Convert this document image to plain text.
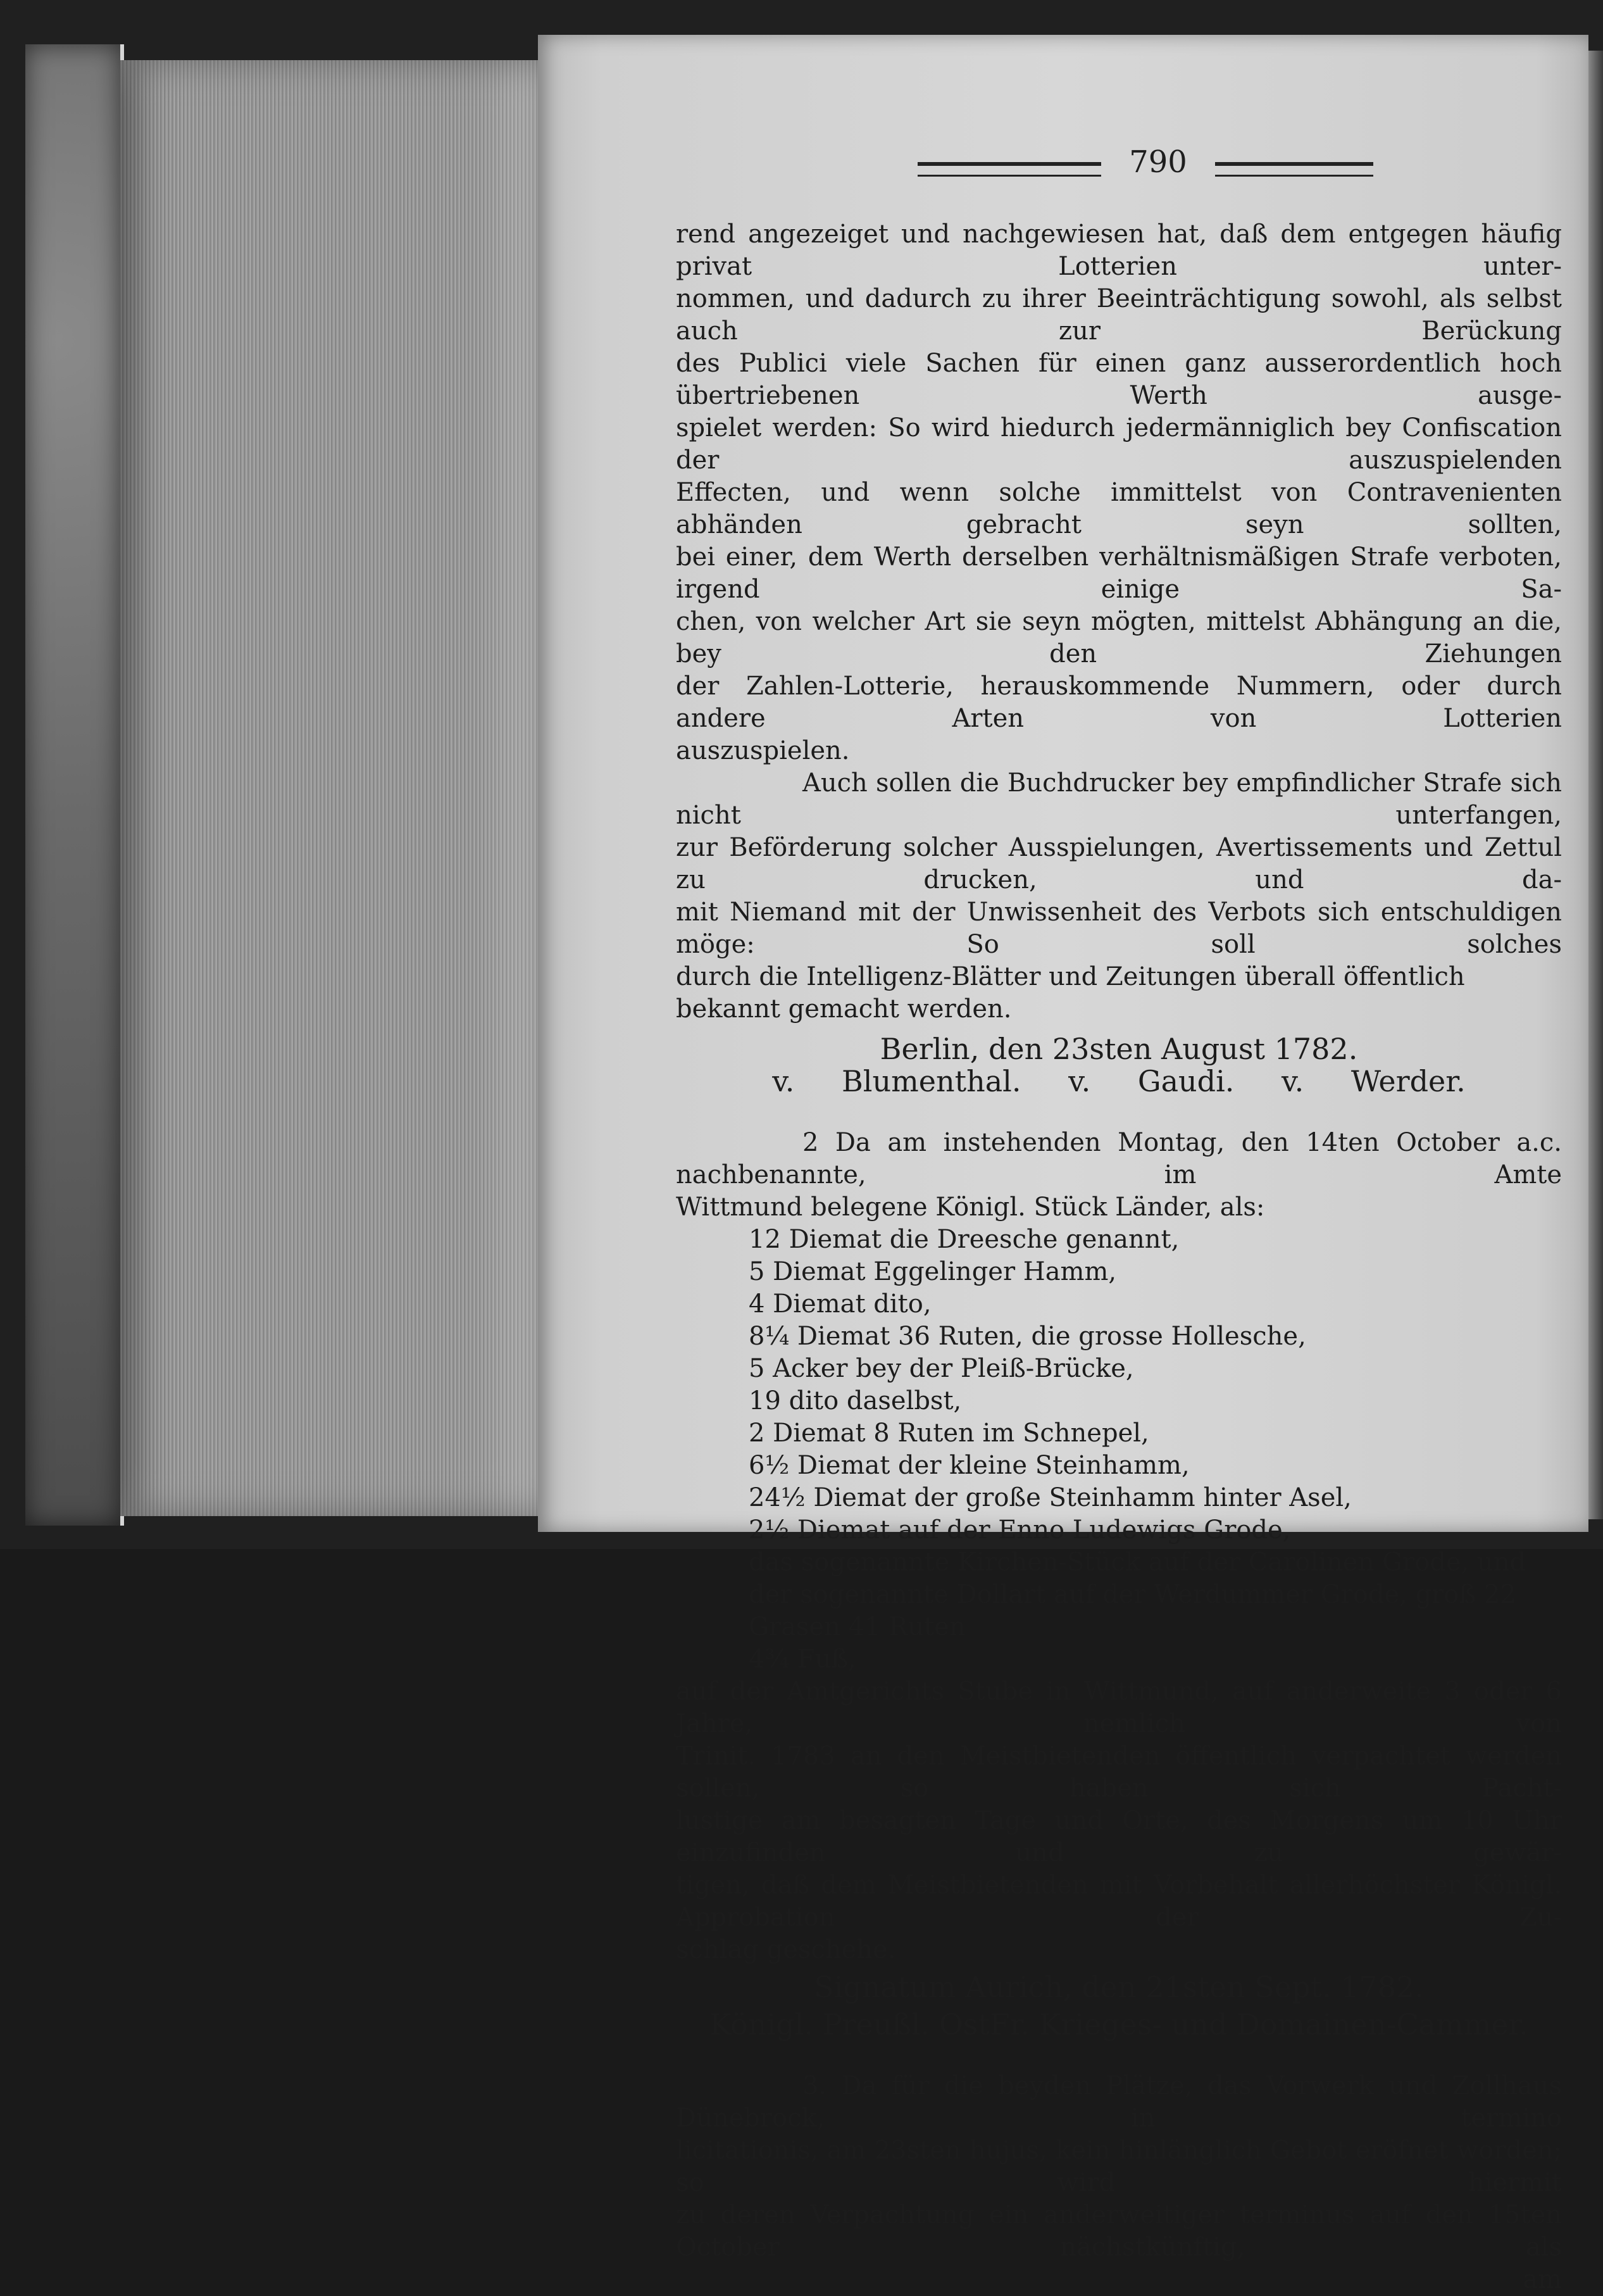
790

rend angezeiget und nachgewiesen hat, daß dem entgegen häufig privat Lotterien unter-

nommen, und dadurch zu ihrer Beeinträchtigung sowohl, als selbst auch zur Berückung

des Publici viele Sachen für einen ganz ausserordentlich hoch übertriebenen Werth ausge-

spielet werden: So wird hiedurch jedermänniglich bey Confiscation der auszuspielenden

Effecten, und wenn solche immittelst von Contravenienten abhänden gebracht seyn sollten,

bei einer, dem Werth derselben verhältnismäßigen Strafe verboten, irgend einige Sa-

chen, von welcher Art sie seyn mögten, mittelst Abhängung an die, bey den Ziehungen

der Zahlen-Lotterie, herauskommende Nummern, oder durch andere Arten von Lotterien

auszuspielen.

Auch sollen die Buchdrucker bey empfindlicher Strafe sich nicht unterfangen,

zur Beförderung solcher Ausspielungen, Avertissements und Zettul zu drucken, und da-

mit Niemand mit der Unwissenheit des Verbots sich entschuldigen möge: So soll solches

durch die Intelligenz-Blätter und Zeitungen überall öffentlich bekannt gemacht werden.

Berlin, den 23sten August 1782.

v. Blumenthal. v. Gaudi. v. Werder.

2 Da am instehenden Montag, den 14ten October a.c. nachbenannte, im Amte

Wittmund belegene Königl. Stück Länder, als:

12 Diemat die Dreesche genannt,

5 Diemat Eggelinger Hamm,

4 Diemat dito,

8¼ Diemat 36 Ruten, die grosse Hollesche,

5 Acker bey der Pleiß-Brücke,

19 dito daselbst,

2 Diemat 8 Ruten im Schnepel,

6½ Diemat der kleine Steinhamm,

24½ Diemat der große Steinhamm hinter Asel,

2½ Diemat auf der Enno Ludewigs Grode,

das sogenannte Kirchen-Stück auf der Carolinen Grode, und

der sogenannte Dollart auf der Werdummer Grode, groß 22 Grasen 41 Ruten

4¾ Fuß,

auf der Amtgerichts Stube in Wittmund, auf anderweite 3 oder 6 Jahre, nemlich von

Trinit. 1783 an den Meistbietenden öffentlich verpachtet werden sollen, so haben sich Pacht-

lustige am besagten Tage und Orte, des Morgens um 10 Uhr einzufinden und zu gewär-

tigen, daß dem Meistbietenden mit Vorbehalt allerhöchster Königl. Approbation der Zu-

schlag geschehe.

Signatum Aurich, den 21sten Sept. 1782.

Königl. Preußl. OstFr. Krieges- und Domainen-Cammer.

3. Da für die beyden Plätze, das Vorwerk und Zollhaus Dünebrock, in termino

licitationis, am 23sten hujus, kein hinlänglich Gebot eröfnet worden; so wird hiermit

zu deren Verpachtung ein anderweitiger terminus auf den 15ten October nächstkünftig, als

am
